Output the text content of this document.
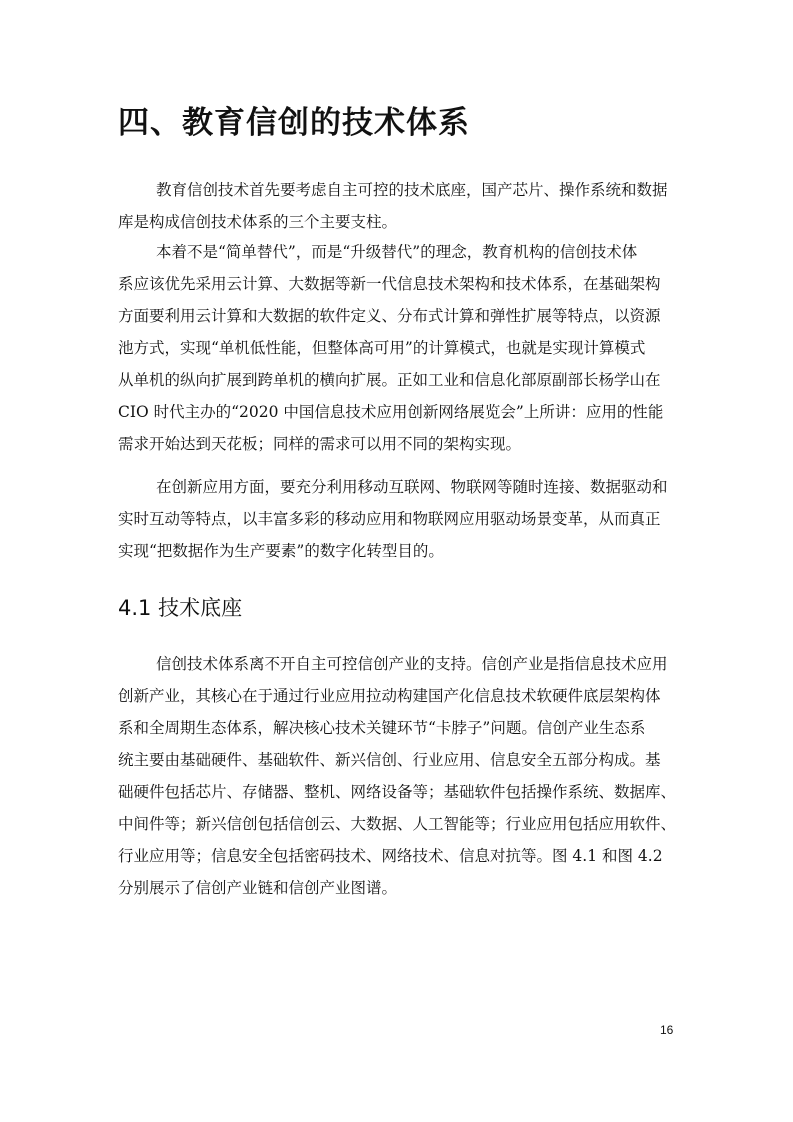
四、教育信创的技术体系
教育信创技术首先要考虑自主可控的技术底座，国产芯片、操作系统和数据
库是构成信创技术体系的三个主要支柱。
本着不是“简单替代”，而是“升级替代”的理念，教育机构的信创技术体
系应该优先采用云计算、大数据等新一代信息技术架构和技术体系，在基础架构
方面要利用云计算和大数据的软件定义、分布式计算和弹性扩展等特点，以资源
池方式，实现“单机低性能，但整体高可用”的计算模式，也就是实现计算模式
从单机的纵向扩展到跨单机的横向扩展。正如工业和信息化部原副部长杨学山在
CIO 时代主办的“2020 中国信息技术应用创新网络展览会”上所讲：应用的性能
需求开始达到天花板；同样的需求可以用不同的架构实现。
在创新应用方面，要充分利用移动互联网、物联网等随时连接、数据驱动和
实时互动等特点，以丰富多彩的移动应用和物联网应用驱动场景变革，从而真正
实现“把数据作为生产要素”的数字化转型目的。
4.1 技术底座
信创技术体系离不开自主可控信创产业的支持。信创产业是指信息技术应用
创新产业，其核心在于通过行业应用拉动构建国产化信息技术软硬件底层架构体
系和全周期生态体系，解决核心技术关键环节“卡脖子”问题。信创产业生态系
统主要由基础硬件、基础软件、新兴信创、行业应用、信息安全五部分构成。基
础硬件包括芯片、存储器、整机、网络设备等；基础软件包括操作系统、数据库、
中间件等；新兴信创包括信创云、大数据、人工智能等；行业应用包括应用软件、
行业应用等；信息安全包括密码技术、网络技术、信息对抗等。图 4.1 和图 4.2
分别展示了信创产业链和信创产业图谱。
16
